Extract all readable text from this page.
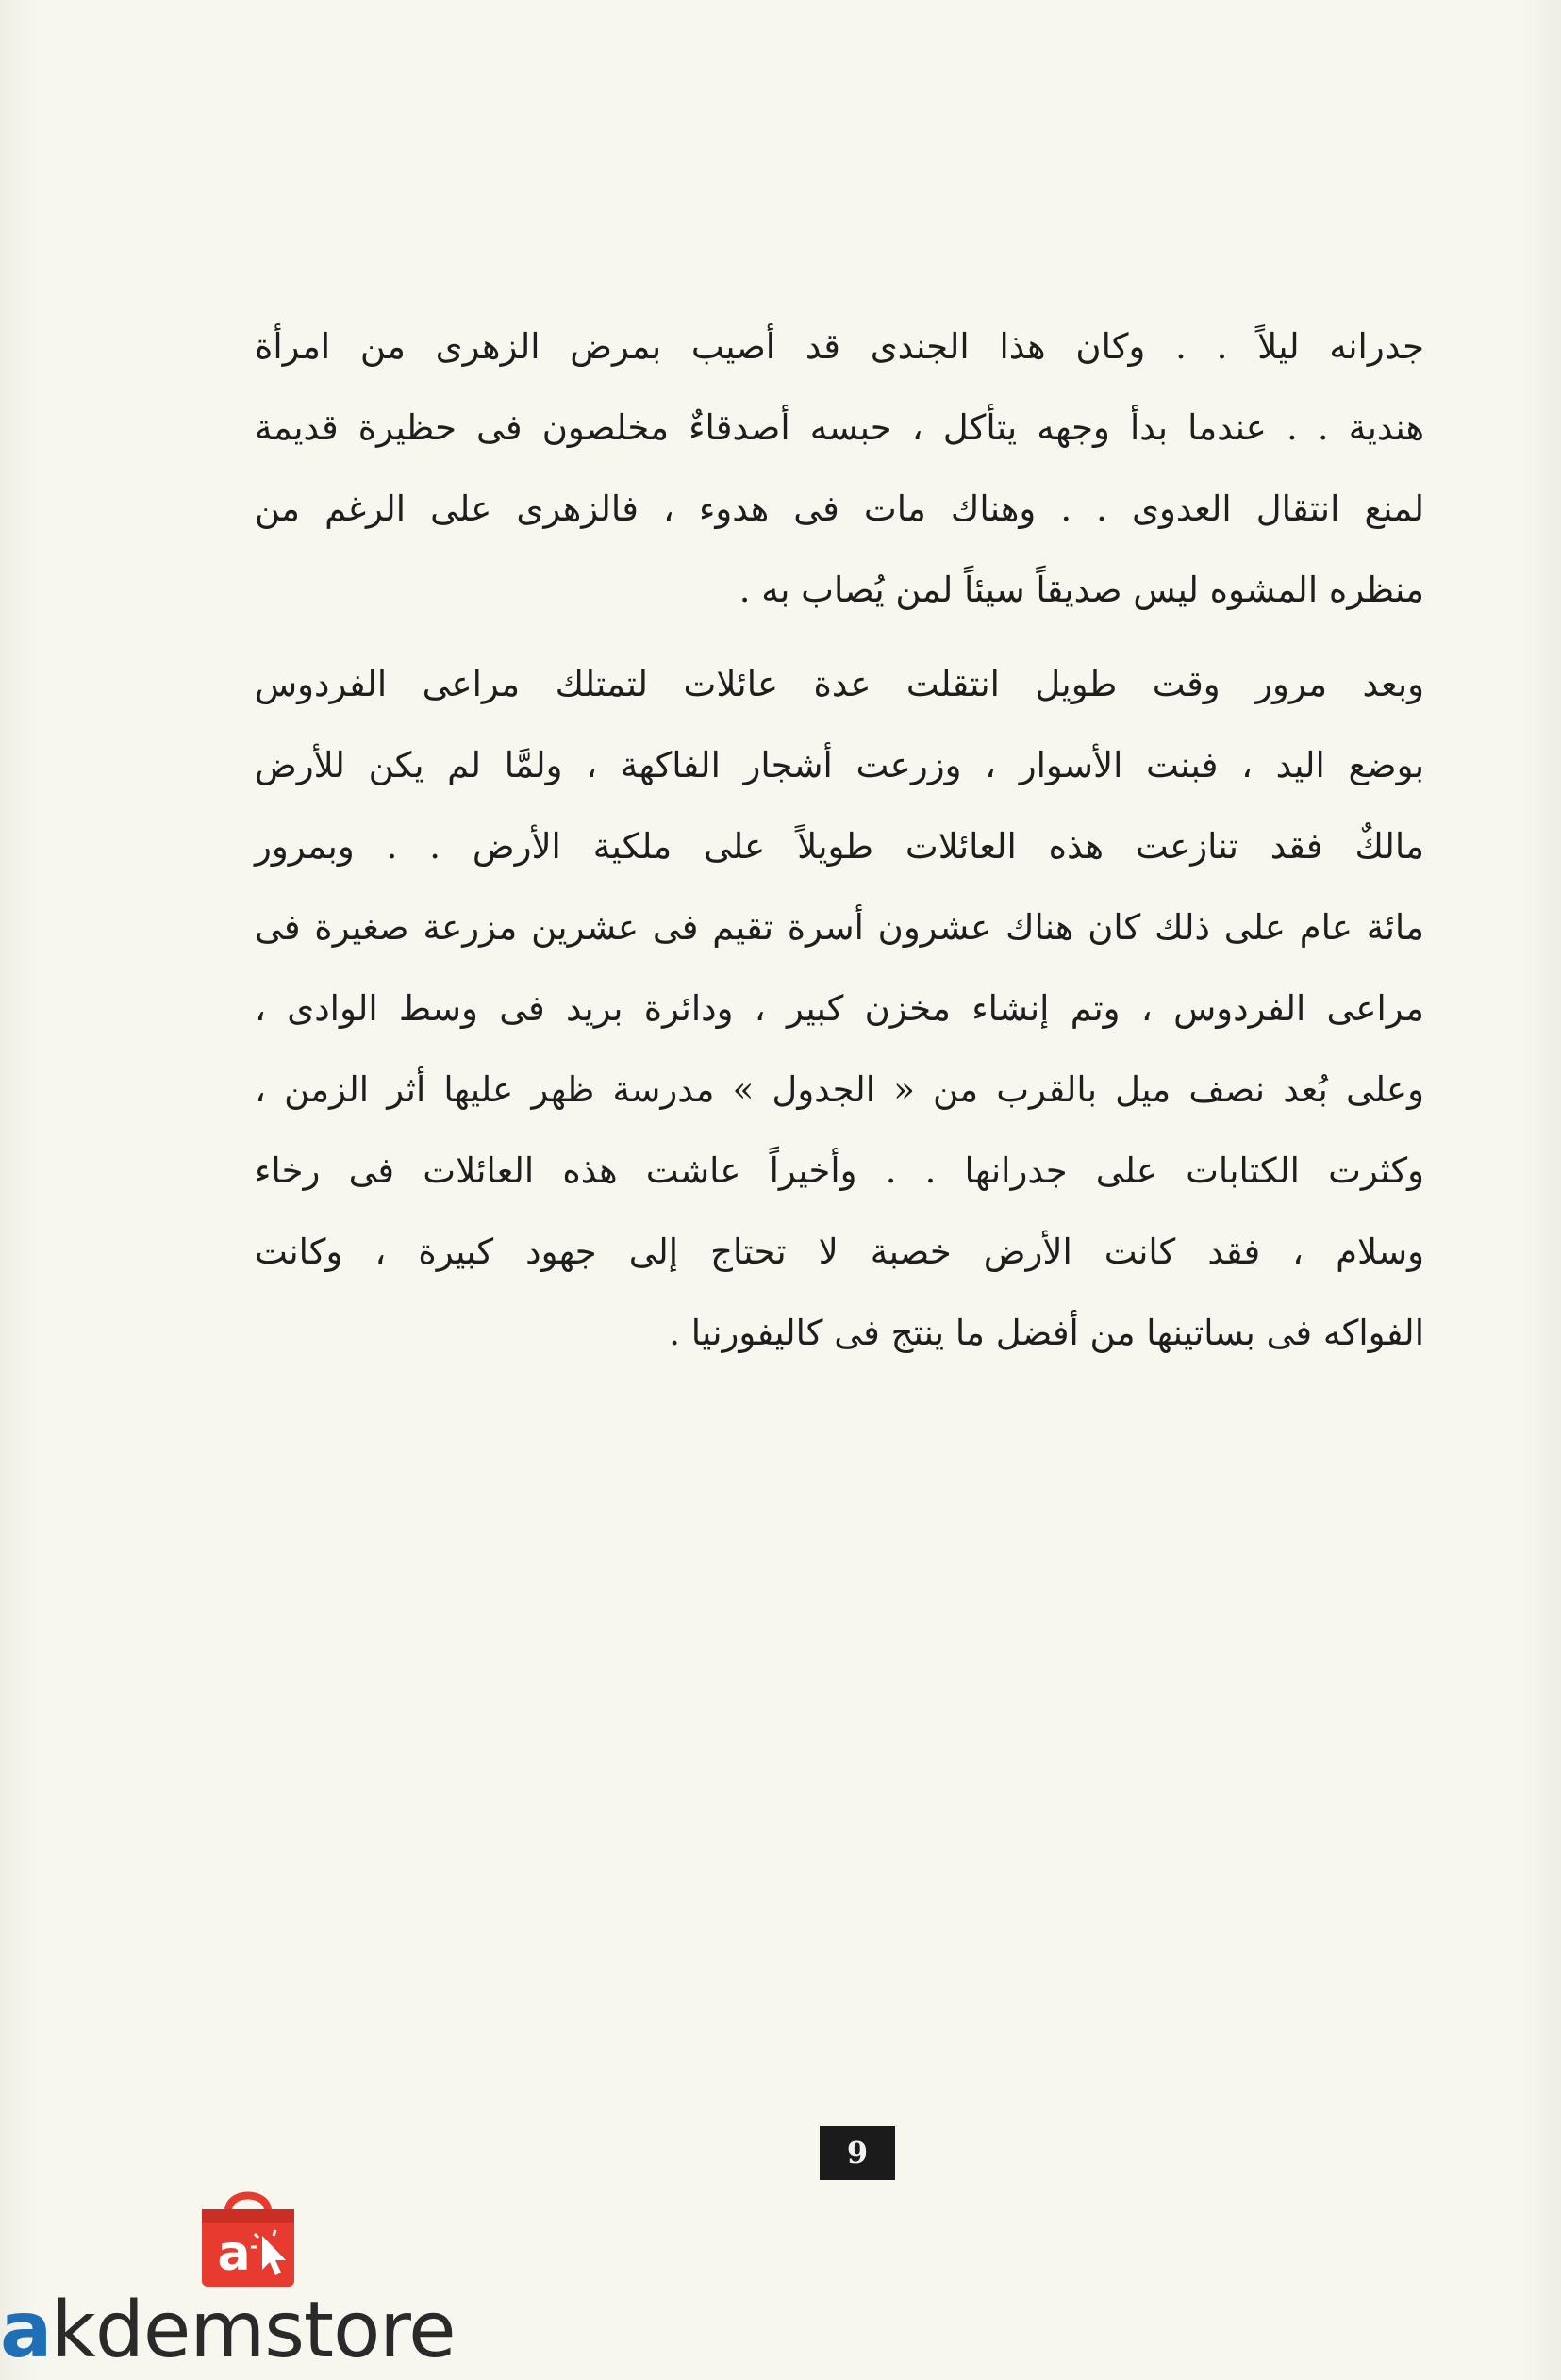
جدرانه ليلاً . . وكان هذا الجندى قد أصيب بمرض الزهرى من امرأة
هندية . . عندما بدأ وجهه يتأكل ، حبسه أصدقاءٌ مخلصون فى حظيرة قديمة
لمنع انتقال العدوى . . وهناك مات فى هدوء ، فالزهرى على الرغم من
منظره المشوه ليس صديقاً سيئاً لمن يُصاب به .

وبعد مرور وقت طويل انتقلت عدة عائلات لتمتلك مراعى الفردوس
بوضع اليد ، فبنت الأسوار ، وزرعت أشجار الفاكهة ، ولمَّا لم يكن للأرض
مالكٌ فقد تنازعت هذه العائلات طويلاً على ملكية الأرض . . وبمرور
مائة عام على ذلك كان هناك عشرون أسرة تقيم فى عشرين مزرعة صغيرة فى
مراعى الفردوس ، وتم إنشاء مخزن كبير ، ودائرة بريد فى وسط الوادى ،
وعلى بُعد نصف ميل بالقرب من « الجدول » مدرسة ظهر عليها أثر الزمن ،
وكثرت الكتابات على جدرانها . . وأخيراً عاشت هذه العائلات فى رخاء
وسلام ، فقد كانت الأرض خصبة لا تحتاج إلى جهود كبيرة ، وكانت
الفواكه فى بساتينها من أفضل ما ينتج فى كاليفورنيا .

9
a
akdemstore
